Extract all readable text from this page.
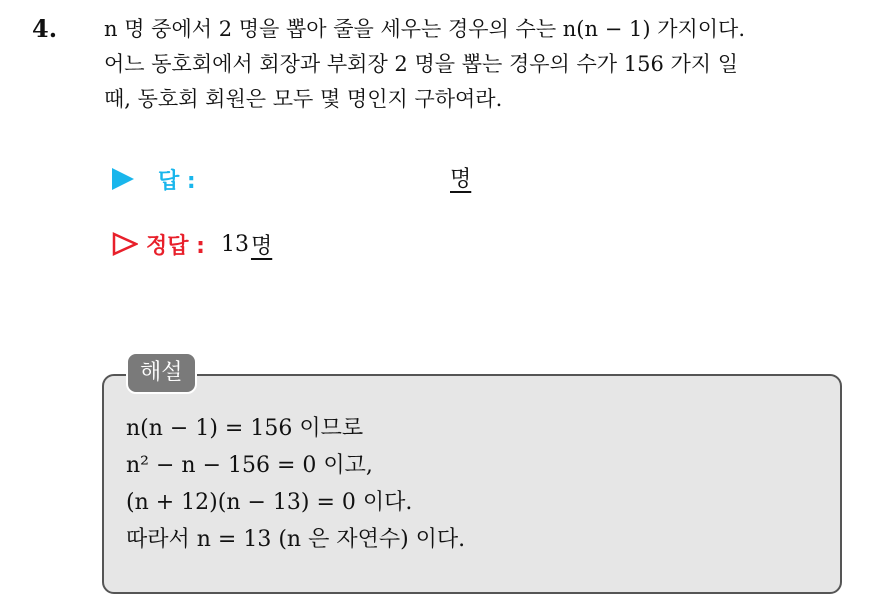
4. n 명 중에서 2 명을 뽑아 줄을 세우는 경우의 수는 n(n − 1) 가지이다.
어느 동호회에서 회장과 부회장 2 명을 뽑는 경우의 수가 156 가지 일
때, 동호회 회원은 모두 몇 명인지 구하여라.
답 :	명
정답 : 13 명
해설
n(n − 1) = 156 이므로
n² − n − 156 = 0 이고,
(n + 12)(n − 13) = 0 이다.
따라서 n = 13 (n 은 자연수) 이다.
